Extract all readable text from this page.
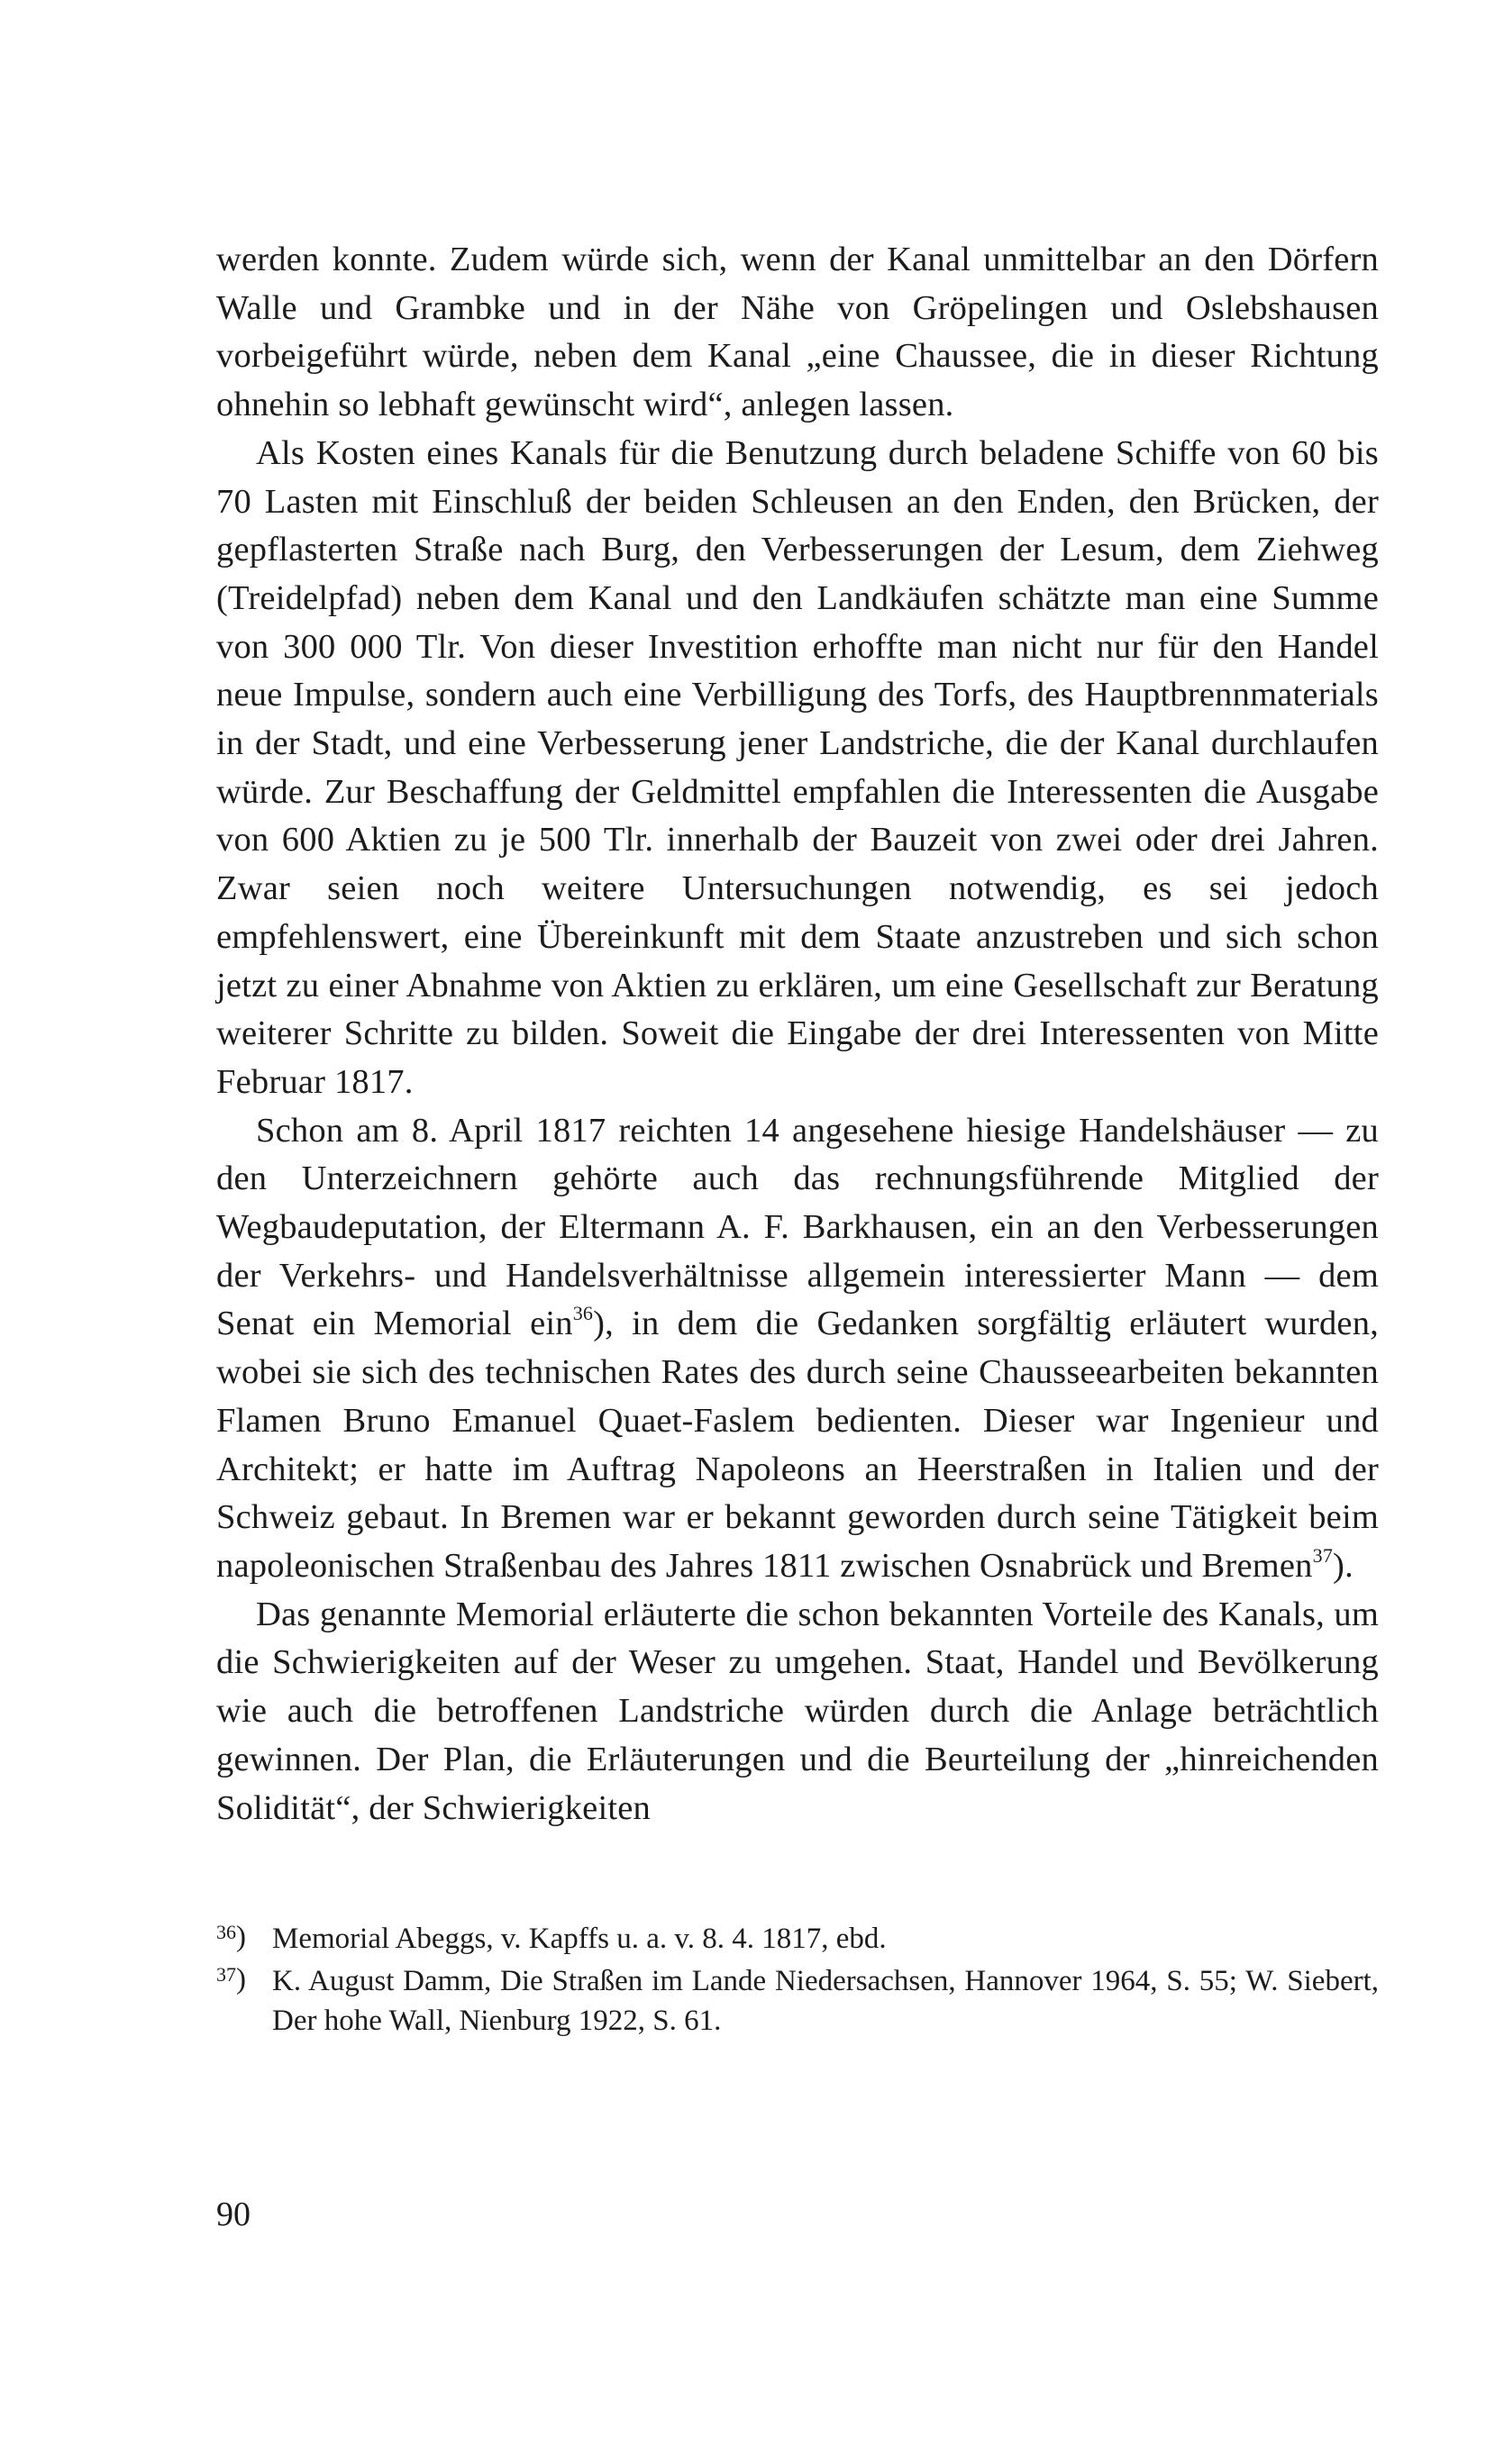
werden konnte. Zudem würde sich, wenn der Kanal unmittelbar an den Dörfern Walle und Grambke und in der Nähe von Gröpelingen und Oslebshausen vorbeigeführt würde, neben dem Kanal „eine Chaussee, die in dieser Richtung ohnehin so lebhaft gewünscht wird“, anlegen lassen.

Als Kosten eines Kanals für die Benutzung durch beladene Schiffe von 60 bis 70 Lasten mit Einschluß der beiden Schleusen an den Enden, den Brücken, der gepflasterten Straße nach Burg, den Verbesserungen der Lesum, dem Ziehweg (Treidelpfad) neben dem Kanal und den Landkäufen schätzte man eine Summe von 300 000 Tlr. Von dieser Investition erhoffte man nicht nur für den Handel neue Impulse, sondern auch eine Verbilligung des Torfs, des Hauptbrennmaterials in der Stadt, und eine Verbesserung jener Landstriche, die der Kanal durchlaufen würde. Zur Beschaffung der Geldmittel empfahlen die Interessenten die Ausgabe von 600 Aktien zu je 500 Tlr. innerhalb der Bauzeit von zwei oder drei Jahren. Zwar seien noch weitere Untersuchungen notwendig, es sei jedoch empfehlenswert, eine Übereinkunft mit dem Staate anzustreben und sich schon jetzt zu einer Abnahme von Aktien zu erklären, um eine Gesellschaft zur Beratung weiterer Schritte zu bilden. Soweit die Eingabe der drei Interessenten von Mitte Februar 1817.

Schon am 8. April 1817 reichten 14 angesehene hiesige Handelshäuser — zu den Unterzeichnern gehörte auch das rechnungsführende Mitglied der Wegbaudeputation, der Eltermann A. F. Barkhausen, ein an den Verbesserungen der Verkehrs- und Handelsverhältnisse allgemein interessierter Mann — dem Senat ein Memorial ein$^{36}$), in dem die Gedanken sorgfältig erläutert wurden, wobei sie sich des technischen Rates des durch seine Chausseearbeiten bekannten Flamen Bruno Emanuel Quaet-Faslem bedienten. Dieser war Ingenieur und Architekt; er hatte im Auftrag Napoleons an Heerstraßen in Italien und der Schweiz gebaut. In Bremen war er bekannt geworden durch seine Tätigkeit beim napoleonischen Straßenbau des Jahres 1811 zwischen Osnabrück und Bremen$^{37}$).

Das genannte Memorial erläuterte die schon bekannten Vorteile des Kanals, um die Schwierigkeiten auf der Weser zu umgehen. Staat, Handel und Bevölkerung wie auch die betroffenen Landstriche würden durch die Anlage beträchtlich gewinnen. Der Plan, die Erläuterungen und die Beurteilung der „hinreichenden Solidität“, der Schwierigkeiten

36) Memorial Abeggs, v. Kapffs u. a. v. 8. 4. 1817, ebd.
37) K. August Damm, Die Straßen im Lande Niedersachsen, Hannover 1964, S. 55; W. Siebert, Der hohe Wall, Nienburg 1922, S. 61.
90
